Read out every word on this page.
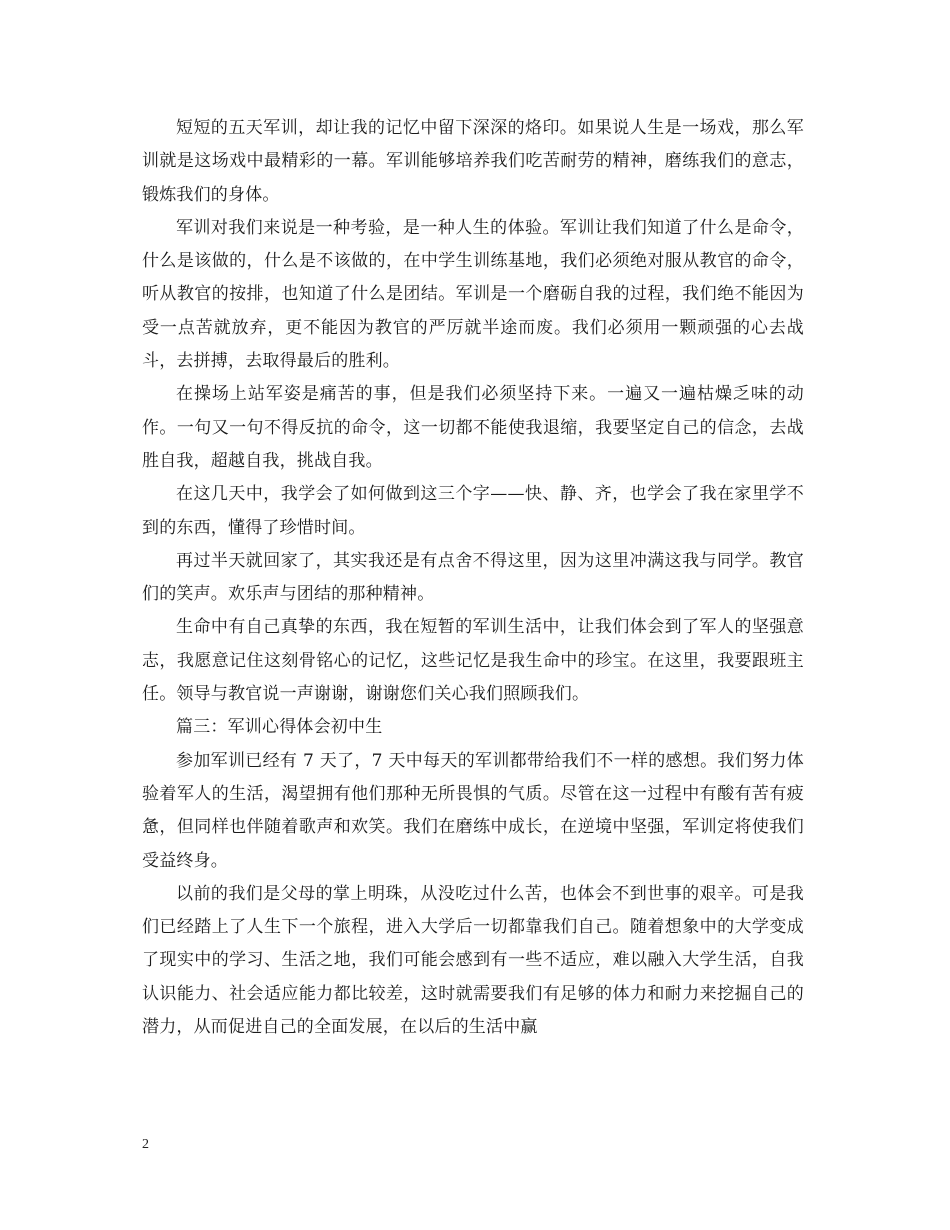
短短的五天军训，却让我的记忆中留下深深的烙印。如果说人生是一场戏，那么军训就是这场戏中最精彩的一幕。军训能够培养我们吃苦耐劳的精神，磨练我们的意志，锻炼我们的身体。

军训对我们来说是一种考验，是一种人生的体验。军训让我们知道了什么是命令，什么是该做的，什么是不该做的，在中学生训练基地，我们必须绝对服从教官的命令，听从教官的按排，也知道了什么是团结。军训是一个磨砺自我的过程，我们绝不能因为受一点苦就放弃，更不能因为教官的严厉就半途而废。我们必须用一颗顽强的心去战斗，去拼搏，去取得最后的胜利。

在操场上站军姿是痛苦的事，但是我们必须坚持下来。一遍又一遍枯燥乏味的动作。一句又一句不得反抗的命令，这一切都不能使我退缩，我要坚定自己的信念，去战胜自我，超越自我，挑战自我。

在这几天中，我学会了如何做到这三个字——快、静、齐，也学会了我在家里学不到的东西，懂得了珍惜时间。

再过半天就回家了，其实我还是有点舍不得这里，因为这里冲满这我与同学。教官们的笑声。欢乐声与团结的那种精神。

生命中有自己真挚的东西，我在短暂的军训生活中，让我们体会到了军人的坚强意志，我愿意记住这刻骨铭心的记忆，这些记忆是我生命中的珍宝。在这里，我要跟班主任。领导与教官说一声谢谢，谢谢您们关心我们照顾我们。

篇三：军训心得体会初中生

参加军训已经有 7 天了，7 天中每天的军训都带给我们不一样的感想。我们努力体验着军人的生活，渴望拥有他们那种无所畏惧的气质。尽管在这一过程中有酸有苦有疲惫，但同样也伴随着歌声和欢笑。我们在磨练中成长，在逆境中坚强，军训定将使我们受益终身。

以前的我们是父母的掌上明珠，从没吃过什么苦，也体会不到世事的艰辛。可是我们已经踏上了人生下一个旅程，进入大学后一切都靠我们自己。随着想象中的大学变成了现实中的学习、生活之地，我们可能会感到有一些不适应，难以融入大学生活，自我认识能力、社会适应能力都比较差，这时就需要我们有足够的体力和耐力来挖掘自己的潜力，从而促进自己的全面发展，在以后的生活中赢

2
